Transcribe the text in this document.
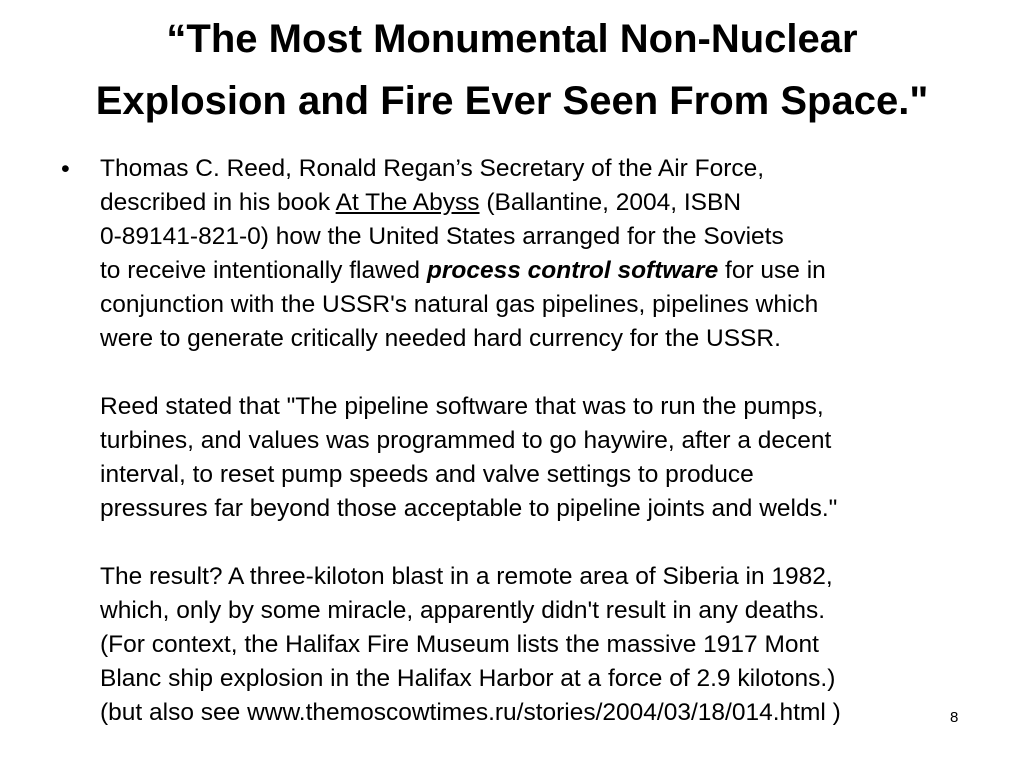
“The Most Monumental Non-Nuclear
Explosion and Fire Ever Seen From Space."
• Thomas C. Reed, Ronald Regan’s Secretary of the Air Force,
described in his book At The Abyss (Ballantine, 2004, ISBN
0-89141-821-0) how the United States arranged for the Soviets
to receive intentionally flawed process control software for use in
conjunction with the USSR's natural gas pipelines, pipelines which
were to generate critically needed hard currency for the USSR.
Reed stated that "The pipeline software that was to run the pumps,
turbines, and values was programmed to go haywire, after a decent
interval, to reset pump speeds and valve settings to produce
pressures far beyond those acceptable to pipeline joints and welds."
The result? A three-kiloton blast in a remote area of Siberia in 1982,
which, only by some miracle, apparently didn't result in any deaths.
(For context, the Halifax Fire Museum lists the massive 1917 Mont
Blanc ship explosion in the Halifax Harbor at a force of 2.9 kilotons.)
(but also see www.themoscowtimes.ru/stories/2004/03/18/014.html )	8
